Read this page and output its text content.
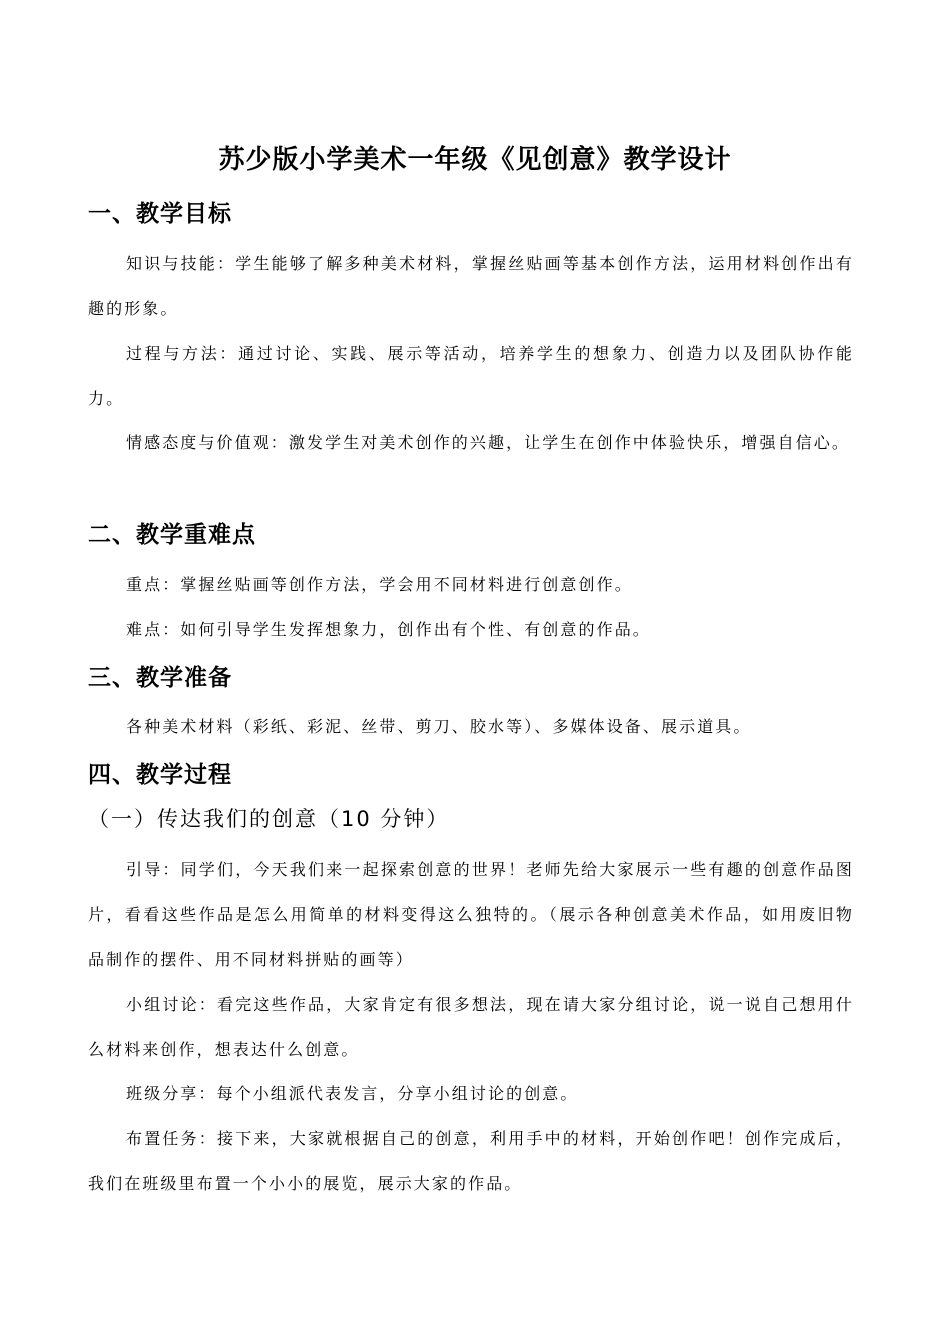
苏少版小学美术一年级《见创意》教学设计
一、教学目标

知识与技能：学生能够了解多种美术材料，掌握丝贴画等基本创作方法，运用材料创作出有趣的形象。

过程与方法：通过讨论、实践、展示等活动，培养学生的想象力、创造力以及团队协作能力。

情感态度与价值观：激发学生对美术创作的兴趣，让学生在创作中体验快乐，增强自信心。

二、教学重难点

重点：掌握丝贴画等创作方法，学会用不同材料进行创意创作。

难点：如何引导学生发挥想象力，创作出有个性、有创意的作品。

三、教学准备

各种美术材料（彩纸、彩泥、丝带、剪刀、胶水等）、多媒体设备、展示道具。

四、教学过程
（一）传达我们的创意（10 分钟）

引导：同学们，今天我们来一起探索创意的世界！老师先给大家展示一些有趣的创意作品图片，看看这些作品是怎么用简单的材料变得这么独特的。（展示各种创意美术作品，如用废旧物品制作的摆件、用不同材料拼贴的画等）

小组讨论：看完这些作品，大家肯定有很多想法，现在请大家分组讨论，说一说自己想用什么材料来创作，想表达什么创意。

班级分享：每个小组派代表发言，分享小组讨论的创意。

布置任务：接下来，大家就根据自己的创意，利用手中的材料，开始创作吧！创作完成后，我们在班级里布置一个小小的展览，展示大家的作品。
